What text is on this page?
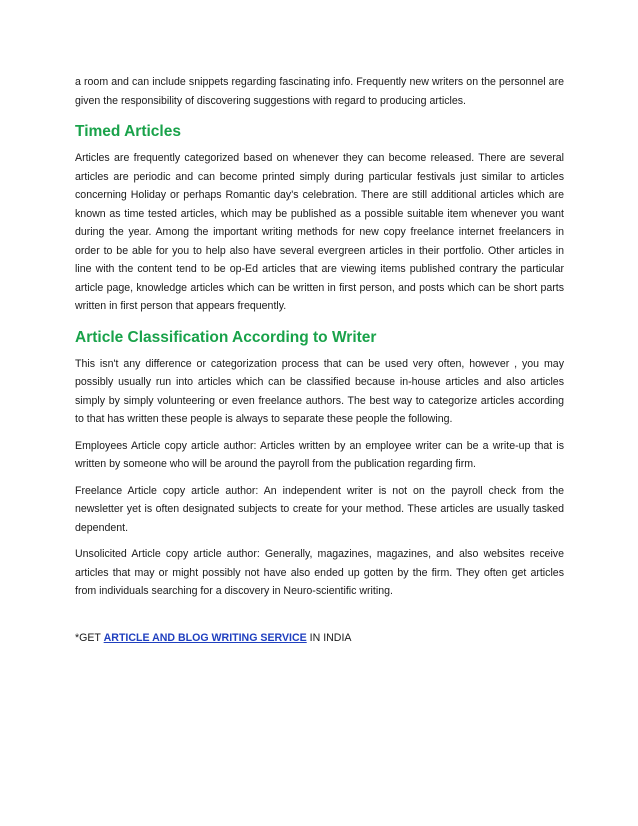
a room and can include snippets regarding fascinating info. Frequently new writers on the personnel are given the responsibility of discovering suggestions with regard to producing articles.

Timed Articles

Articles are frequently categorized based on whenever they can become released. There are several articles are periodic and can become printed simply during particular festivals just similar to articles concerning Holiday or perhaps Romantic day's celebration. There are still additional articles which are known as time tested articles, which may be published as a possible suitable item whenever you want during the year. Among the important writing methods for new copy freelance internet freelancers in order to be able for you to help also have several evergreen articles in their portfolio. Other articles in line with the content tend to be op-Ed articles that are viewing items published contrary the particular article page, knowledge articles which can be written in first person, and posts which can be short parts written in first person that appears frequently.

Article Classification According to Writer

This isn't any difference or categorization process that can be used very often, however , you may possibly usually run into articles which can be classified because in-house articles and also articles simply by simply volunteering or even freelance authors. The best way to categorize articles according to that has written these people is always to separate these people the following.

Employees Article copy article author: Articles written by an employee writer can be a write-up that is written by someone who will be around the payroll from the publication regarding firm.

Freelance Article copy article author: An independent writer is not on the payroll check from the newsletter yet is often designated subjects to create for your method. These articles are usually tasked dependent.

Unsolicited Article copy article author: Generally, magazines, magazines, and also websites receive articles that may or might possibly not have also ended up gotten by the firm. They often get articles from individuals searching for a discovery in Neuro-scientific writing.

*GET ARTICLE AND BLOG WRITING SERVICE IN INDIA
